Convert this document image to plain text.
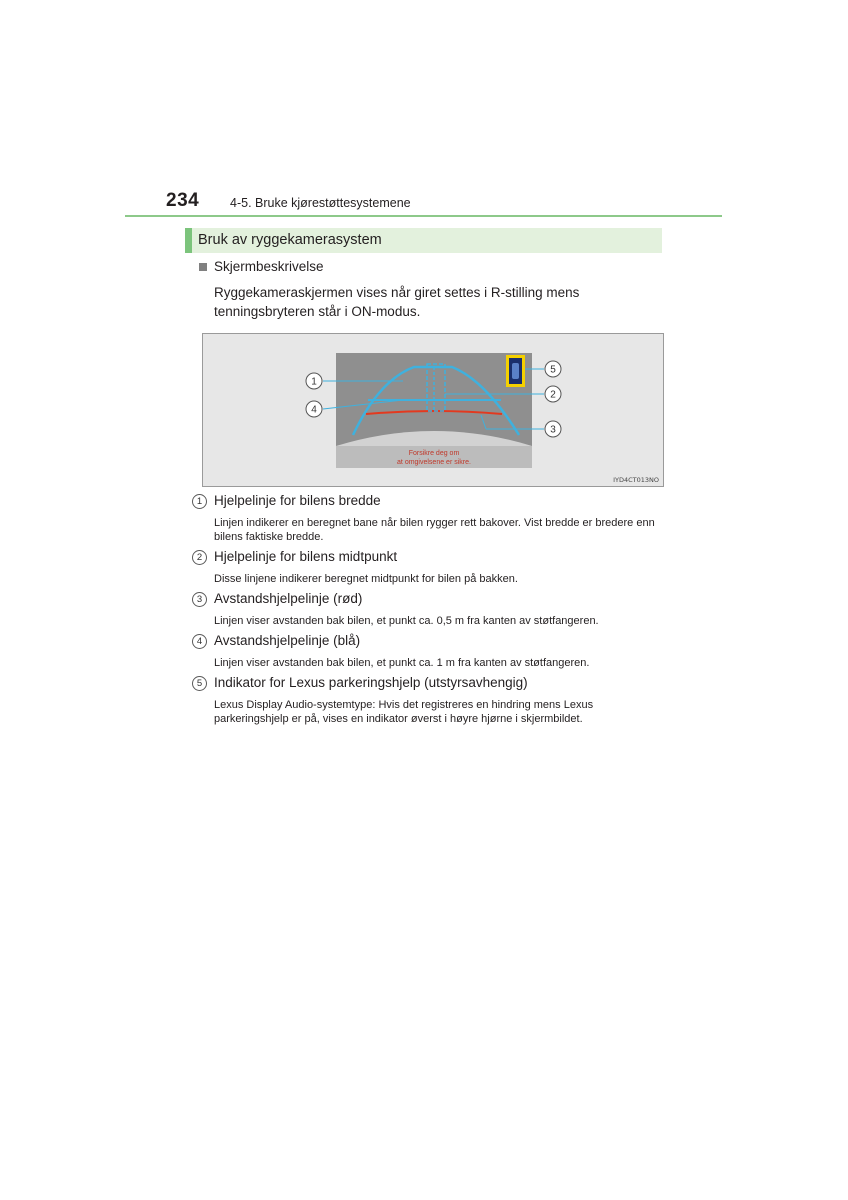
234 4-5. Bruke kjørestøttesystemene
Bruk av ryggekamerasystem
Skjermbeskrivelse
Ryggekameraskjermen vises når giret settes i R-stilling mens tenningsbryteren står i ON-modus.
Forsikre deg om
at omgivelsene er sikre.
1
4
2
3
5
IYD4CT013NO
1 Hjelpelinje for bilens bredde
Linjen indikerer en beregnet bane når bilen rygger rett bakover. Vist bredde er bredere enn bilens faktiske bredde.
2 Hjelpelinje for bilens midtpunkt
Disse linjene indikerer beregnet midtpunkt for bilen på bakken.
3 Avstandshjelpelinje (rød)
Linjen viser avstanden bak bilen, et punkt ca. 0,5 m fra kanten av støtfangeren.
4 Avstandshjelpelinje (blå)
Linjen viser avstanden bak bilen, et punkt ca. 1 m fra kanten av støtfangeren.
5 Indikator for Lexus parkeringshjelp (utstyrsavhengig)
Lexus Display Audio-systemtype: Hvis det registreres en hindring mens Lexus parkeringshjelp er på, vises en indikator øverst i høyre hjørne i skjermbildet.
